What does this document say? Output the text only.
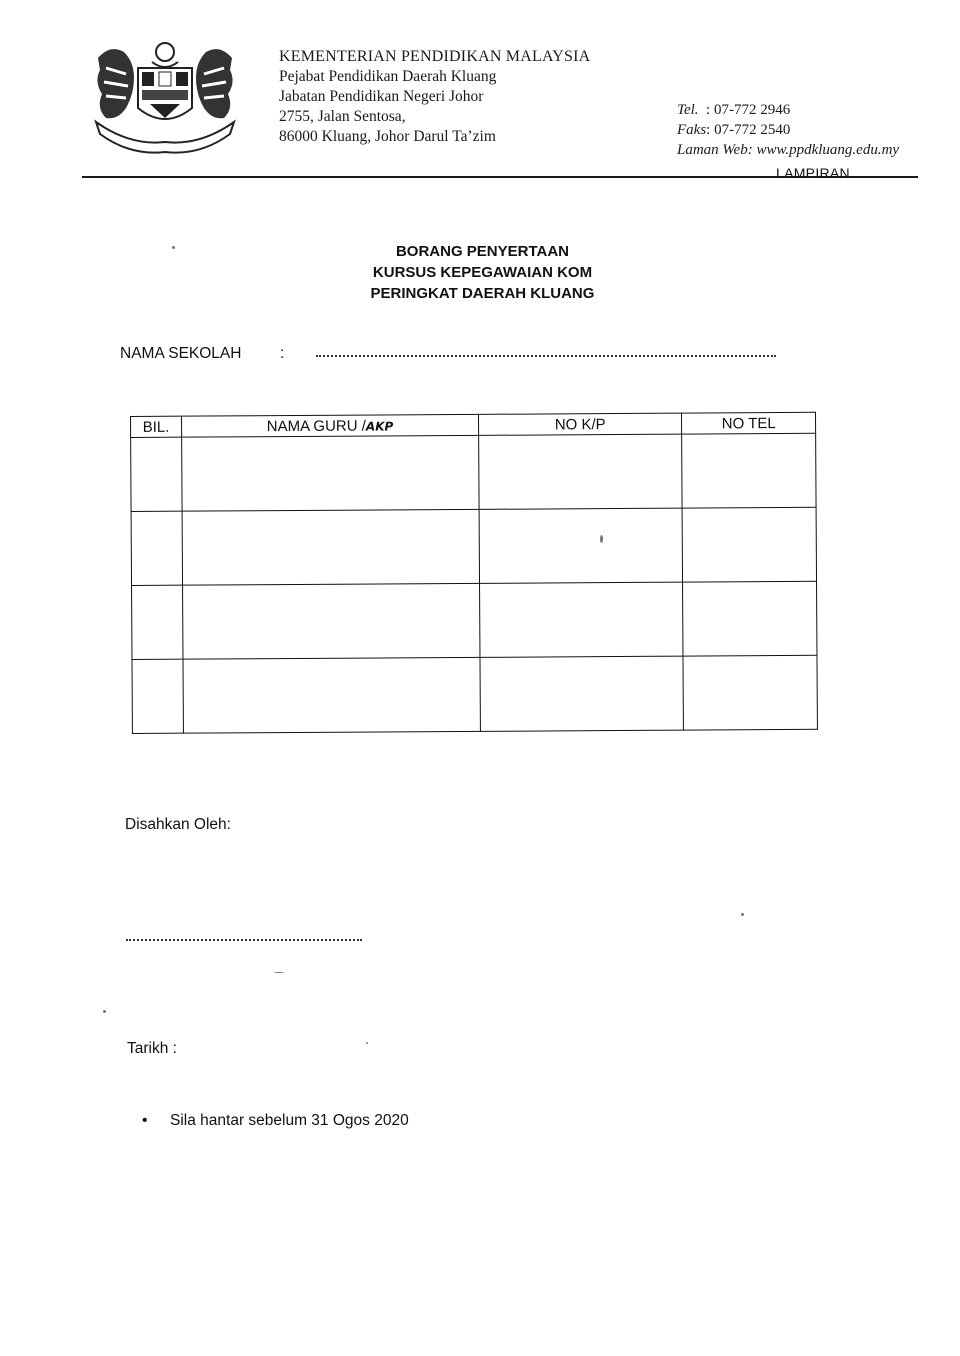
KEMENTERIAN PENDIDIKAN MALAYSIA
Pejabat Pendidikan Daerah Kluang
Jabatan Pendidikan Negeri Johor
2755, Jalan Sentosa,
86000 Kluang, Johor Darul Ta’zim
Tel. : 07-772 2946
Faks: 07-772 2540
Laman Web: www.ppdkluang.edu.my
LAMPIRAN
BORANG PENYERTAAN
KURSUS KEPEGAWAIAN KOM
PERINGKAT DAERAH KLUANG
NAMA SEKOLAH :
BIL.	NAMA GURU /AKP	NO K/P	NO TEL

Disahkan Oleh:
Tarikh :
• Sila hantar sebelum 31 Ogos 2020
